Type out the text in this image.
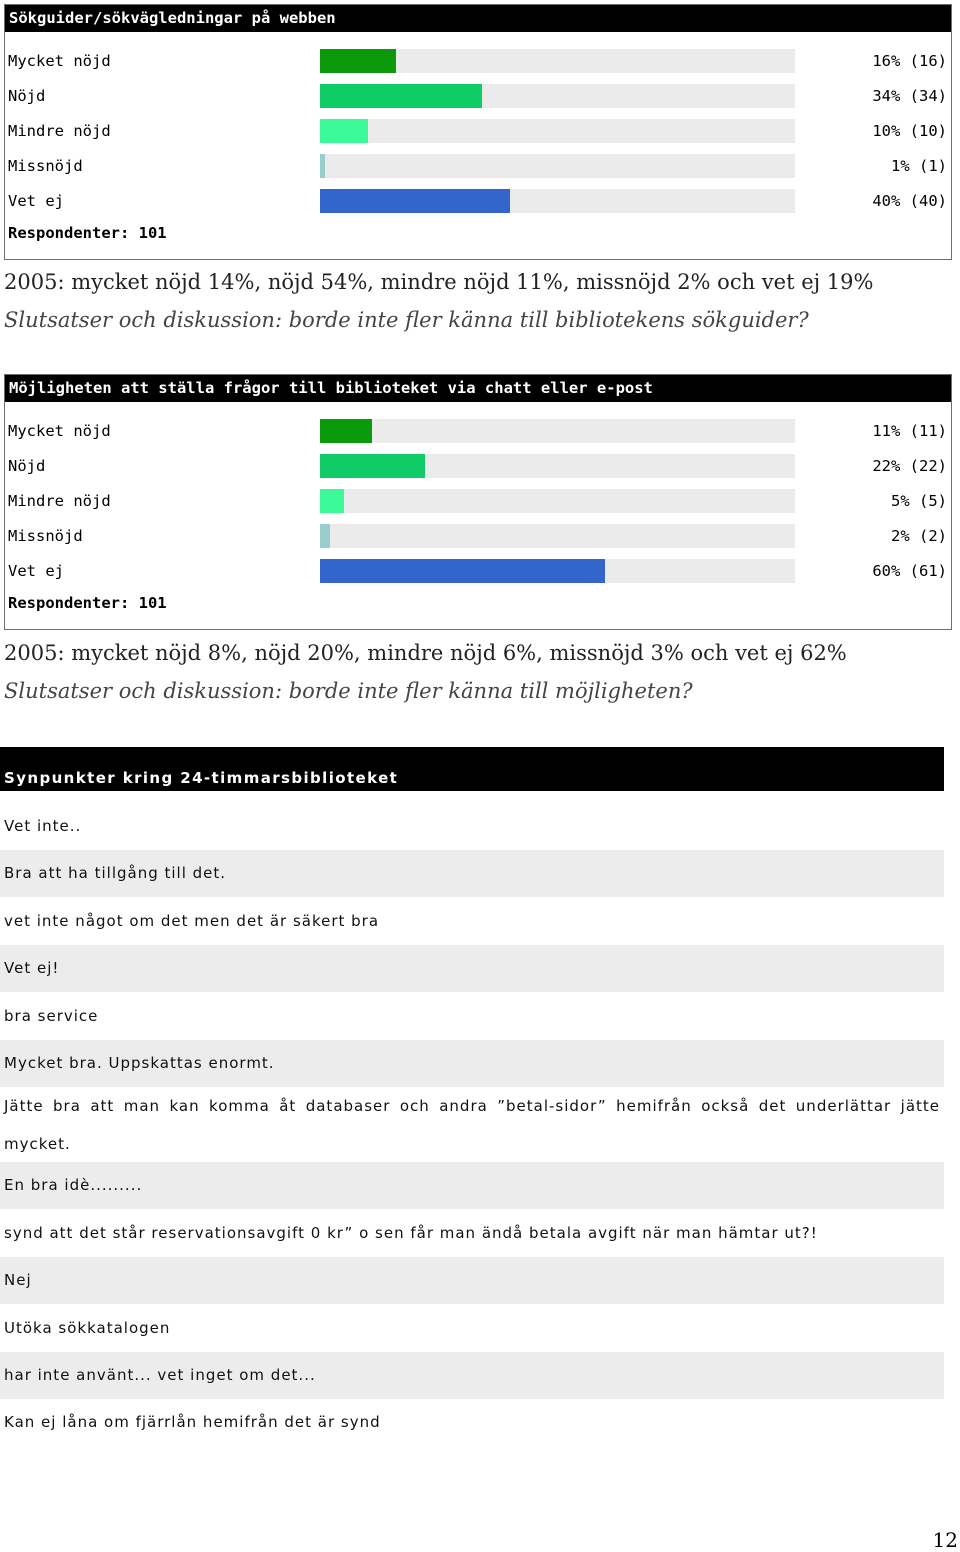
Sökguider/sökvägledningar på webben
Mycket nöjd	16% (16)
Nöjd	34% (34)
Mindre nöjd	10% (10)
Missnöjd	1% (1)
Vet ej	40% (40)
Respondenter: 101
2005: mycket nöjd 14%, nöjd 54%, mindre nöjd 11%, missnöjd 2% och vet ej 19%
Slutsatser och diskussion: borde inte fler känna till bibliotekens sökguider?
Möjligheten att ställa frågor till biblioteket via chatt eller e-post
Mycket nöjd	11% (11)
Nöjd	22% (22)
Mindre nöjd	5% (5)
Missnöjd	2% (2)
Vet ej	60% (61)
Respondenter: 101
2005: mycket nöjd 8%, nöjd 20%, mindre nöjd 6%, missnöjd 3% och vet ej 62%
Slutsatser och diskussion: borde inte fler känna till möjligheten?
Synpunkter kring 24-timmarsbiblioteket
Vet inte..
Bra att ha tillgång till det.
vet inte något om det men det är säkert bra
Vet ej!
bra service
Mycket bra. Uppskattas enormt.
Jätte bra att man kan komma åt databaser och andra ”betal-sidor” hemifrån också det underlättar jätte mycket.
En bra idè.........
synd att det står reservationsavgift 0 kr” o sen får man ändå betala avgift när man hämtar ut?!
Nej
Utöka sökkatalogen
har inte använt... vet inget om det...
Kan ej låna om fjärrlån hemifrån det är synd
12
